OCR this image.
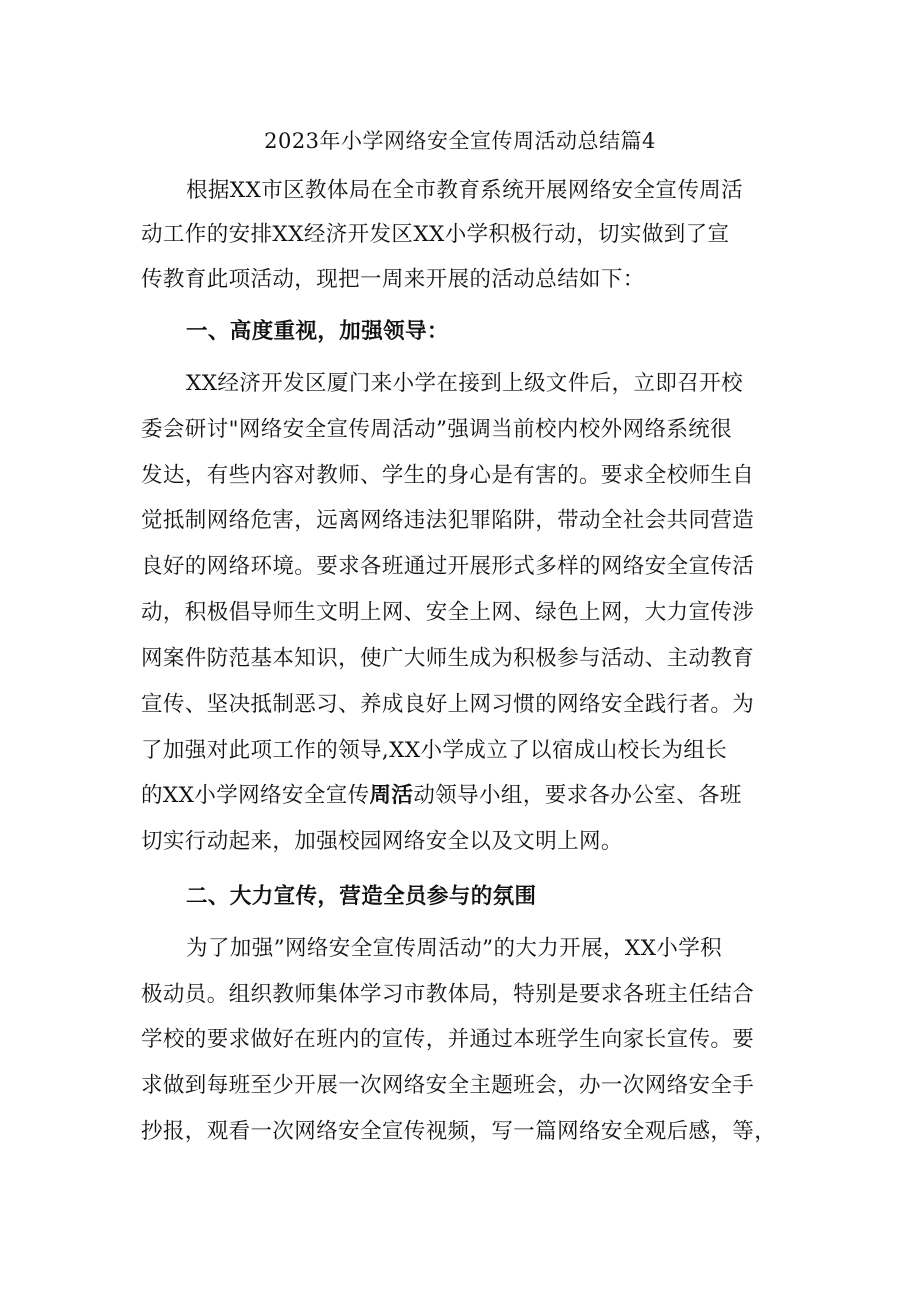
2023年小学网络安全宣传周活动总结篇4
根据XX市区教体局在全市教育系统开展网络安全宣传周活
动工作的安排XX经济开发区XX小学积极行动，切实做到了宣
传教育此项活动，现把一周来开展的活动总结如下：
一、高度重视，加强领导：
XX经济开发区厦门来小学在接到上级文件后，立即召开校
委会研讨"网络安全宣传周活动”强调当前校内校外网络系统很
发达，有些内容对教师、学生的身心是有害的。要求全校师生自
觉抵制网络危害，远离网络违法犯罪陷阱，带动全社会共同营造
良好的网络环境。要求各班通过开展形式多样的网络安全宣传活
动，积极倡导师生文明上网、安全上网、绿色上网，大力宣传涉
网案件防范基本知识，使广大师生成为积极参与活动、主动教育
宣传、坚决抵制恶习、养成良好上网习惯的网络安全践行者。为
了加强对此项工作的领导,XX小学成立了以宿成山校长为组长
的XX小学网络安全宣传周活动领导小组，要求各办公室、各班
切实行动起来，加强校园网络安全以及文明上网。
二、大力宣传，营造全员参与的氛围
为了加强”网络安全宣传周活动”的大力开展，XX小学积
极动员。组织教师集体学习市教体局，特别是要求各班主任结合
学校的要求做好在班内的宣传，并通过本班学生向家长宣传。要
求做到每班至少开展一次网络安全主题班会，办一次网络安全手
抄报，观看一次网络安全宣传视频，写一篇网络安全观后感，等，
